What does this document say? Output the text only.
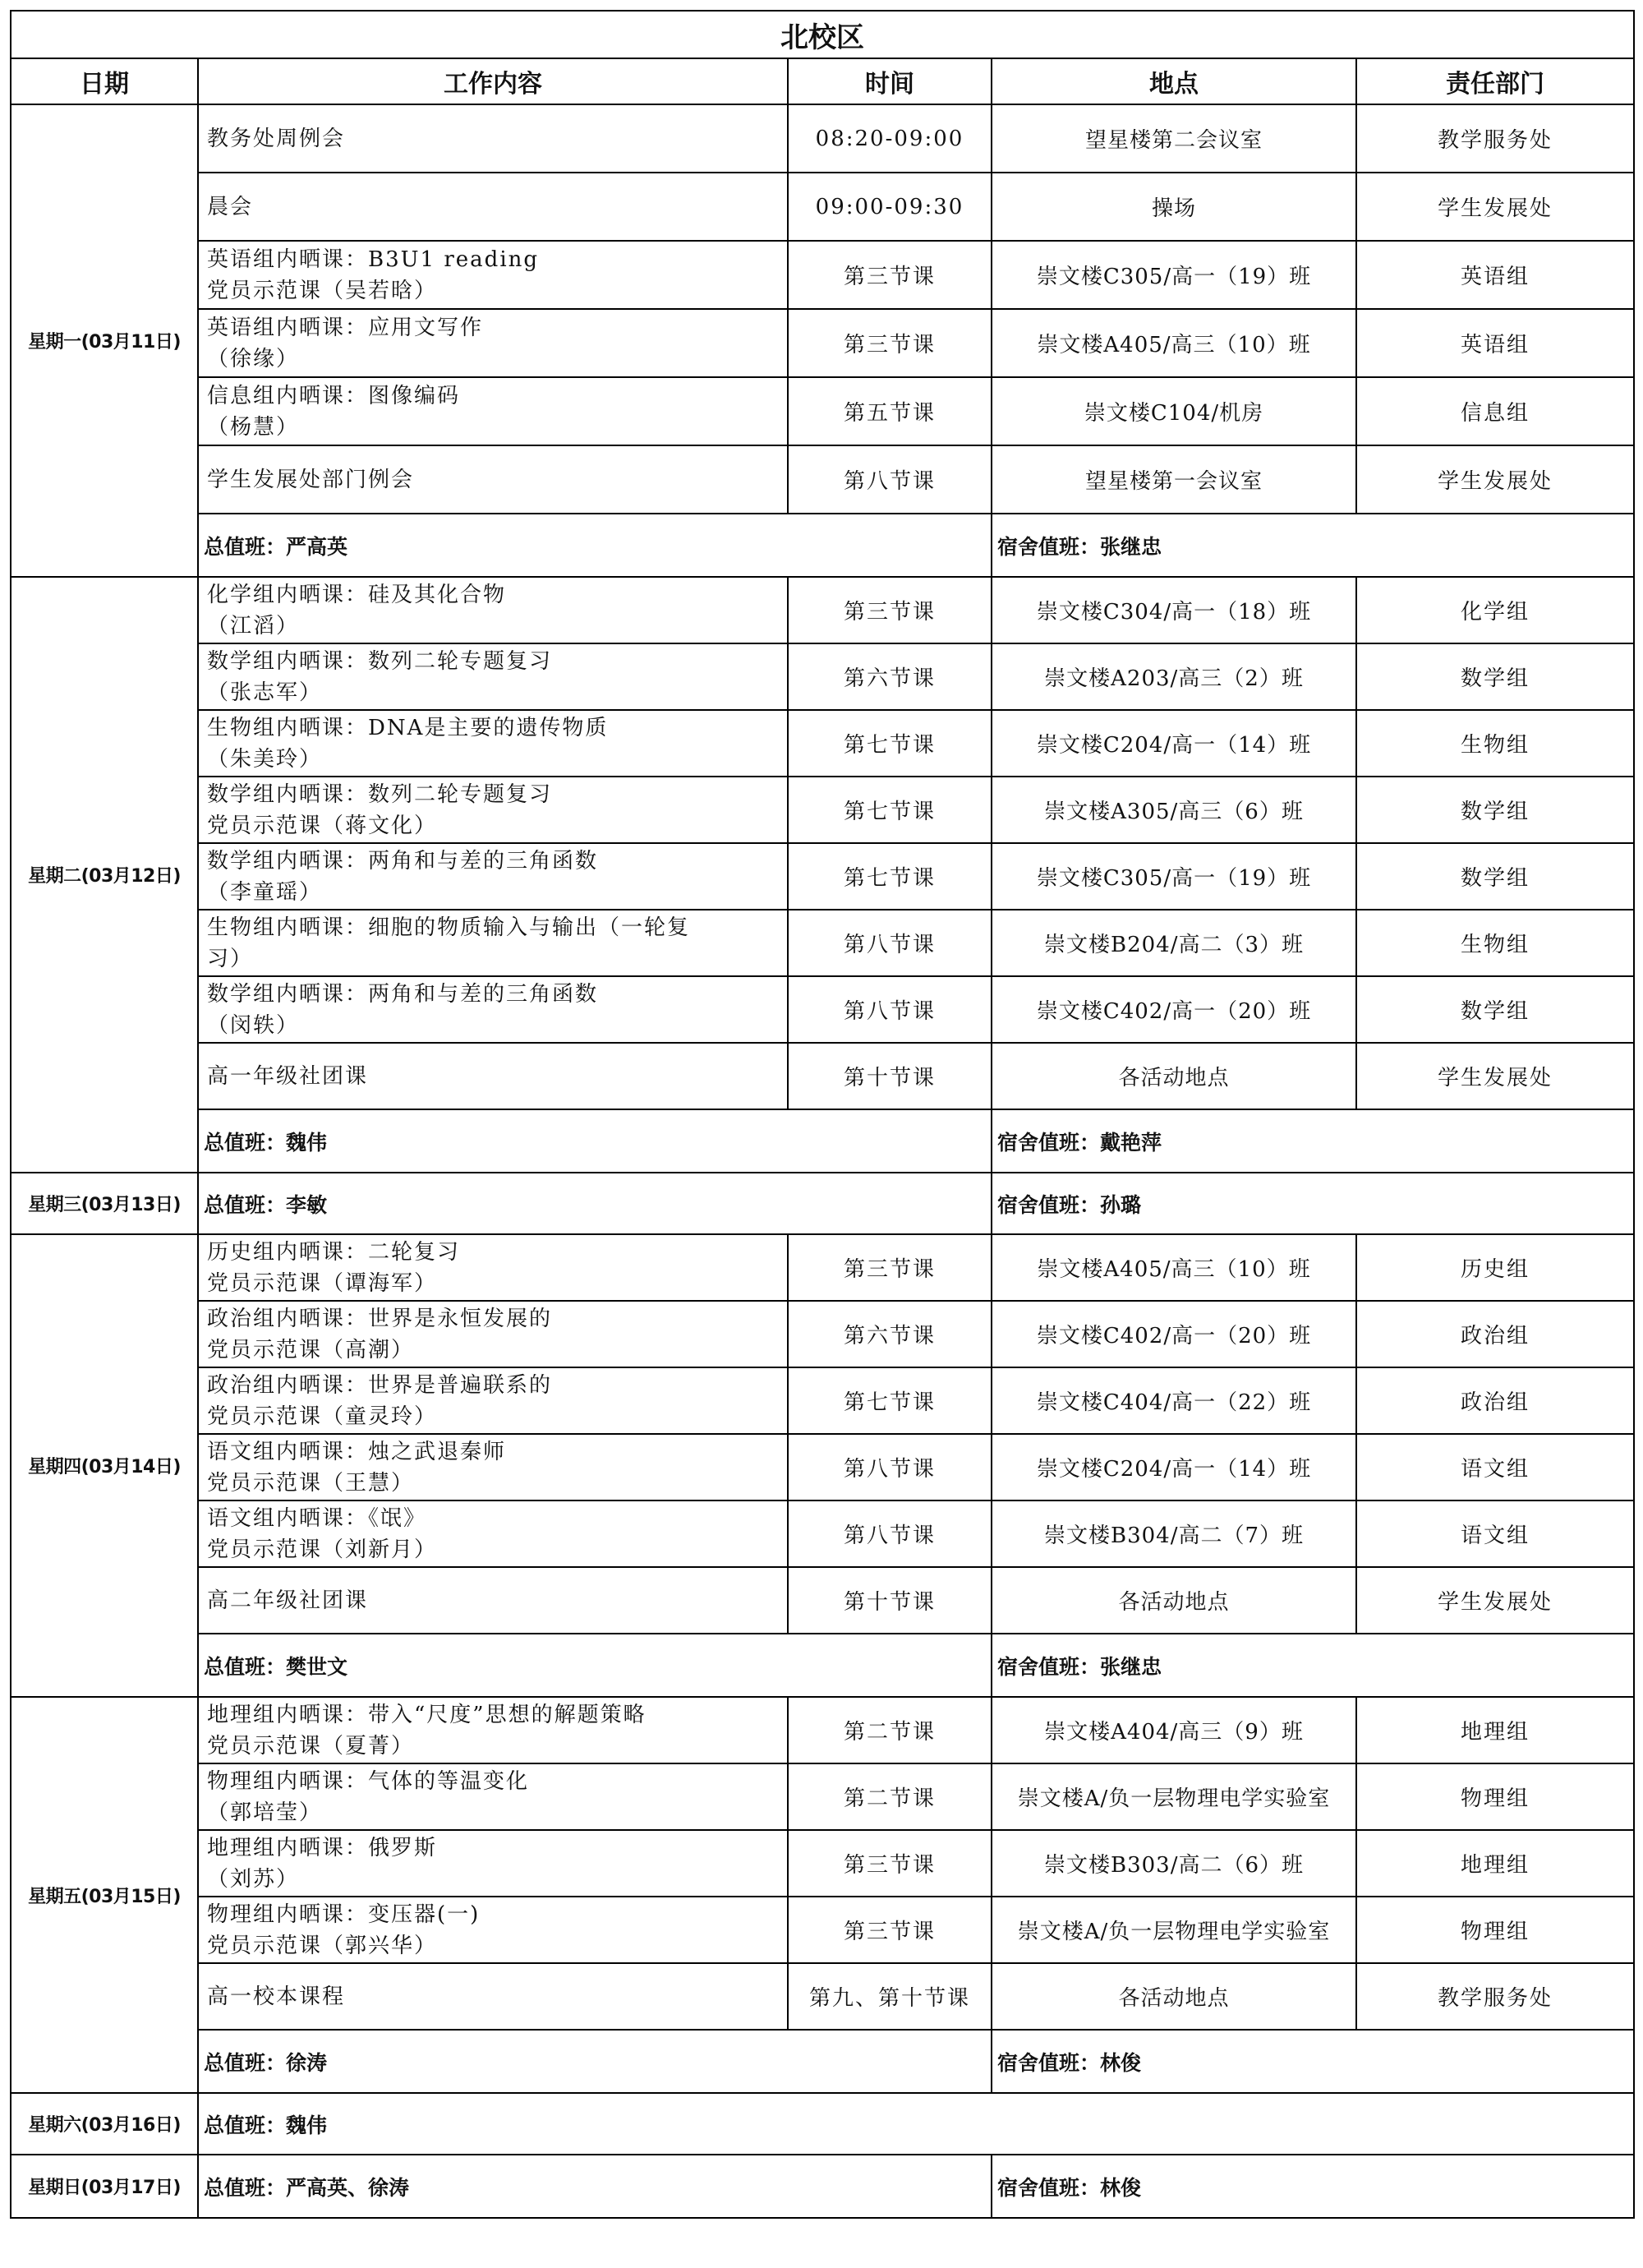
北校区				
日期	工作内容	时间	地点	责任部门
星期一(03月11日)	教务处周例会	08:20-09:00	望星楼第二会议室	教学服务处

	晨会	09:00-09:30	操场	学生发展处

	英语组内晒课：B3U1 reading
党员示范课（吴若晗）	第三节课	崇文楼C305/高一（19）班	英语组

	英语组内晒课：应用文写作
（徐缘）	第三节课	崇文楼A405/高三（10）班	英语组

	信息组内晒课：图像编码
（杨慧）	第五节课	崇文楼C104/机房	信息组

	学生发展处部门例会	第八节课	望星楼第一会议室	学生发展处
	总值班：严高英		宿舍值班：张继忠	
星期二(03月12日)	化学组内晒课：硅及其化合物
（江滔）	第三节课	崇文楼C304/高一（18）班	化学组

	数学组内晒课：数列二轮专题复习
（张志军）	第六节课	崇文楼A203/高三（2）班	数学组

	生物组内晒课：DNA是主要的遗传物质
（朱美玲）	第七节课	崇文楼C204/高一（14）班	生物组

	数学组内晒课：数列二轮专题复习
党员示范课（蒋文化）	第七节课	崇文楼A305/高三（6）班	数学组

	数学组内晒课：两角和与差的三角函数
（李童瑶）	第七节课	崇文楼C305/高一（19）班	数学组

	生物组内晒课：细胞的物质输入与输出（一轮复
习）	第八节课	崇文楼B204/高二（3）班	生物组

	数学组内晒课：两角和与差的三角函数
（闵轶）	第八节课	崇文楼C402/高一（20）班	数学组

	高一年级社团课	第十节课	各活动地点	学生发展处
	总值班：魏伟		宿舍值班：戴艳萍	
星期三(03月13日)	总值班：李敏		宿舍值班：孙璐	
星期四(03月14日)	历史组内晒课：二轮复习
党员示范课（谭海军）	第三节课	崇文楼A405/高三（10）班	历史组

	政治组内晒课：世界是永恒发展的
党员示范课（高潮）	第六节课	崇文楼C402/高一（20）班	政治组

	政治组内晒课：世界是普遍联系的
党员示范课（童灵玲）	第七节课	崇文楼C404/高一（22）班	政治组

	语文组内晒课：烛之武退秦师
党员示范课（王慧）	第八节课	崇文楼C204/高一（14）班	语文组

	语文组内晒课：《氓》
党员示范课（刘新月）	第八节课	崇文楼B304/高二（7）班	语文组

	高二年级社团课	第十节课	各活动地点	学生发展处
	总值班：樊世文		宿舍值班：张继忠	
星期五(03月15日)	地理组内晒课：带入“尺度”思想的解题策略
党员示范课（夏菁）	第二节课	崇文楼A404/高三（9）班	地理组

	物理组内晒课：气体的等温变化
（郭培莹）	第二节课	崇文楼A/负一层物理电学实验室	物理组

	地理组内晒课：俄罗斯
（刘苏）	第三节课	崇文楼B303/高二（6）班	地理组

	物理组内晒课：变压器(一)
党员示范课（郭兴华）	第三节课	崇文楼A/负一层物理电学实验室	物理组

	高一校本课程	第九、第十节课	各活动地点	教学服务处
	总值班：徐涛		宿舍值班：林俊	
星期六(03月16日)	总值班：魏伟			
星期日(03月17日)	总值班：严高英、徐涛		宿舍值班：林俊	
